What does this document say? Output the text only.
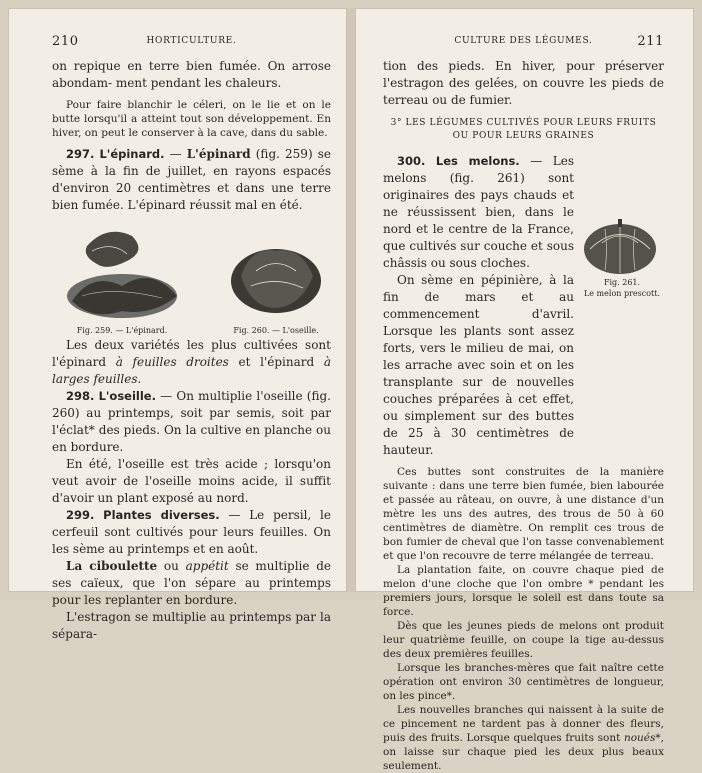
210	HORTICULTURE.

on repique en terre bien fumée. On arrose abondam- ment pendant les chaleurs.

Pour faire blanchir le céleri, on le lie et on le butte lorsqu'il a atteint tout son développement. En hiver, on peut le conserver à la cave, dans du sable.

297. L'épinard. — L'épinard (fig. 259) se sème à la fin de juillet, en rayons espacés d'environ 20 centimètres et dans une terre bien fumée. L'épinard réussit mal en été.

Fig. 259. — L'épinard.	Fig. 260. — L'oseille.

Les deux variétés les plus cultivées sont l'épinard à feuilles droites et l'épinard à larges feuilles.

298. L'oseille. — On multiplie l'oseille (fig. 260) au printemps, soit par semis, soit par l'éclat* des pieds. On la cultive en planche ou en bordure.

En été, l'oseille est très acide ; lorsqu'on veut avoir de l'oseille moins acide, il suffit d'avoir un plant exposé au nord.

299. Plantes diverses. — Le persil, le cerfeuil sont cultivés pour leurs feuilles. On les sème au printemps et en août.

La ciboulette ou appétit se multiplie de ses caïeux, que l'on sépare au printemps pour les replanter en bordure.

L'estragon se multiplie au printemps par la sépara-

CULTURE DES LÉGUMES.	211

tion des pieds. En hiver, pour préserver l'estragon des gelées, on couvre les pieds de terreau ou de fumier.

3° LES LÉGUMES CULTIVÉS POUR LEURS FRUITS
OU POUR LEURS GRAINES

300. Les melons. — Les melons (fig. 261) sont originaires des pays chauds et ne réussissent bien, dans le nord et le centre de la France, que cultivés sur couche et sous châssis ou sous cloches.

On sème en pépinière, à la fin de mars et au commencement d'avril. Lorsque les plants sont assez forts, vers le milieu de mai, on les arrache avec soin et on les transplante sur de nouvelles couches préparées à cet effet, ou simplement sur des buttes de 25 à 30 centimètres de hauteur.

Fig. 261.
Le melon prescott.

Ces buttes sont construites de la manière suivante : dans une terre bien fumée, bien labourée et passée au râteau, on ouvre, à une distance d'un mètre les uns des autres, des trous de 50 à 60 centimètres de diamètre. On remplit ces trous de bon fumier de cheval que l'on tasse convenablement et que l'on recouvre de terre mélangée de terreau.

La plantation faite, on couvre chaque pied de melon d'une cloche que l'on ombre * pendant les premiers jours, lorsque le soleil est dans toute sa force.

Dès que les jeunes pieds de melons ont produit leur quatrième feuille, on coupe la tige au-dessus des deux premières feuilles.

Lorsque les branches-mères que fait naître cette opération ont environ 30 centimètres de longueur, on les pince*.

Les nouvelles branches qui naissent à la suite de ce pincement ne tardent pas à donner des fleurs, puis des fruits. Lorsque quelques fruits sont noués*, on laisse sur chaque pied les deux plus beaux seulement.
